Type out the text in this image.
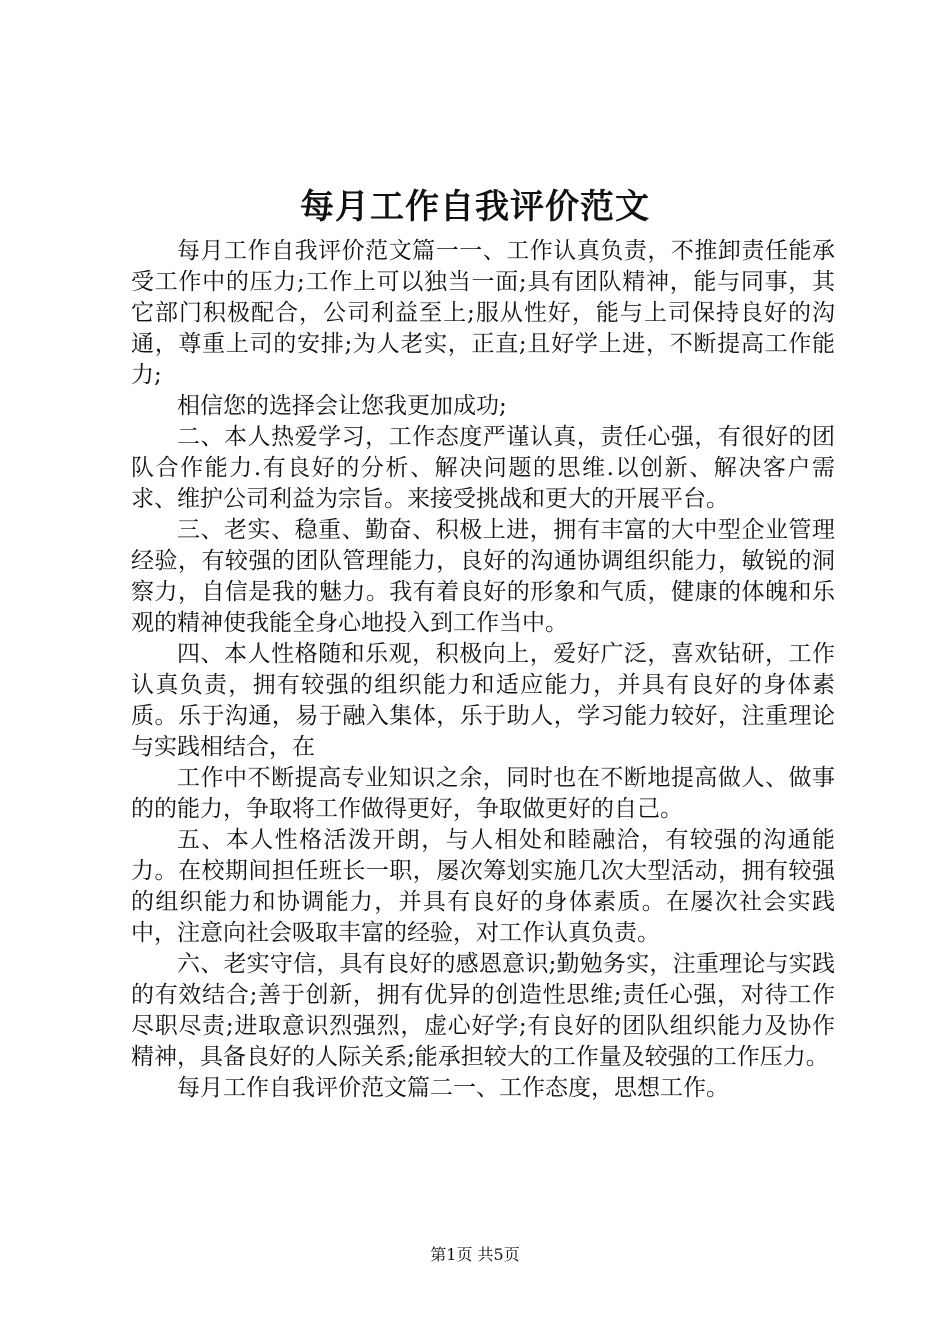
每月工作自我评价范文

每月工作自我评价范文篇一一、工作认真负责，不推卸责任能承受工作中的压力;工作上可以独当一面;具有团队精神，能与同事，其它部门积极配合，公司利益至上;服从性好，能与上司保持良好的沟通，尊重上司的安排;为人老实，正直;且好学上进，不断提高工作能力;

相信您的选择会让您我更加成功;

二、本人热爱学习，工作态度严谨认真，责任心强，有很好的团队合作能力.有良好的分析、解决问题的思维.以创新、解决客户需求、维护公司利益为宗旨。来接受挑战和更大的开展平台。

三、老实、稳重、勤奋、积极上进，拥有丰富的大中型企业管理经验，有较强的团队管理能力，良好的沟通协调组织能力，敏锐的洞察力，自信是我的魅力。我有着良好的形象和气质，健康的体魄和乐观的精神使我能全身心地投入到工作当中。

四、本人性格随和乐观，积极向上，爱好广泛，喜欢钻研，工作认真负责，拥有较强的组织能力和适应能力，并具有良好的身体素质。乐于沟通，易于融入集体，乐于助人，学习能力较好，注重理论与实践相结合，在

工作中不断提高专业知识之余，同时也在不断地提高做人、做事的的能力，争取将工作做得更好，争取做更好的自己。

五、本人性格活泼开朗，与人相处和睦融洽，有较强的沟通能力。在校期间担任班长一职，屡次筹划实施几次大型活动，拥有较强的组织能力和协调能力，并具有良好的身体素质。在屡次社会实践中，注意向社会吸取丰富的经验，对工作认真负责。

六、老实守信，具有良好的感恩意识;勤勉务实，注重理论与实践的有效结合;善于创新，拥有优异的创造性思维;责任心强，对待工作尽职尽责;进取意识烈强烈，虚心好学;有良好的团队组织能力及协作精神，具备良好的人际关系;能承担较大的工作量及较强的工作压力。

每月工作自我评价范文篇二一、工作态度，思想工作。

第1页 共5页
